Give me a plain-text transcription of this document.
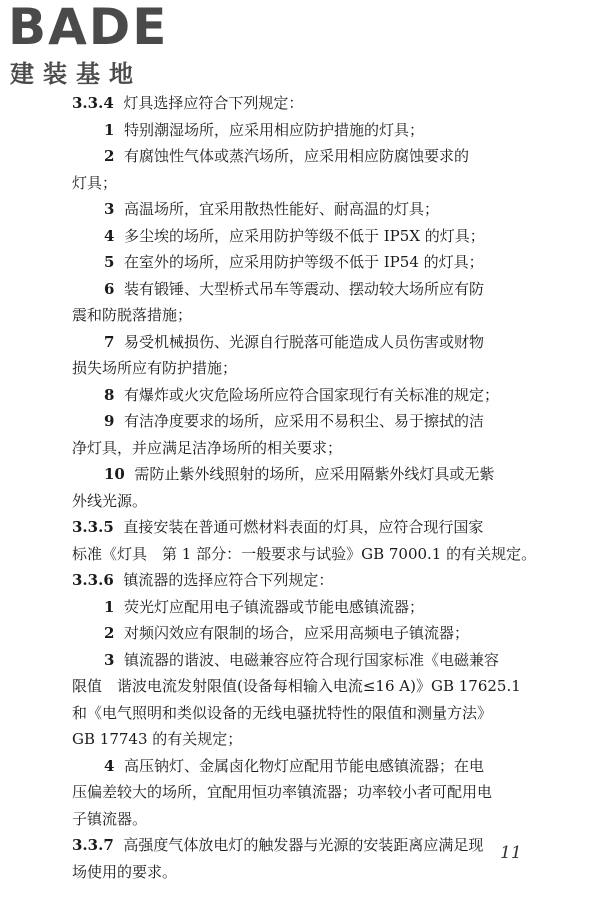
BADE
建装基地
3.3.4 灯具选择应符合下列规定：
1 特别潮湿场所，应采用相应防护措施的灯具；
2 有腐蚀性气体或蒸汽场所，应采用相应防腐蚀要求的
灯具；
3 高温场所，宜采用散热性能好、耐高温的灯具；
4 多尘埃的场所，应采用防护等级不低于 IP5X 的灯具；
5 在室外的场所，应采用防护等级不低于 IP54 的灯具；
6 装有锻锤、大型桥式吊车等震动、摆动较大场所应有防
震和防脱落措施；
7 易受机械损伤、光源自行脱落可能造成人员伤害或财物
损失场所应有防护措施；
8 有爆炸或火灾危险场所应符合国家现行有关标准的规定；
9 有洁净度要求的场所，应采用不易积尘、易于擦拭的洁
净灯具，并应满足洁净场所的相关要求；
10 需防止紫外线照射的场所，应采用隔紫外线灯具或无紫
外线光源。
3.3.5 直接安装在普通可燃材料表面的灯具，应符合现行国家
标准《灯具　第 1 部分：一般要求与试验》GB 7000.1 的有关规定。
3.3.6 镇流器的选择应符合下列规定：
1 荧光灯应配用电子镇流器或节能电感镇流器；
2 对频闪效应有限制的场合，应采用高频电子镇流器；
3 镇流器的谐波、电磁兼容应符合现行国家标准《电磁兼容
限值　谐波电流发射限值(设备每相输入电流≤16 A)》GB 17625.1
和《电气照明和类似设备的无线电骚扰特性的限值和测量方法》
GB 17743 的有关规定；
4 高压钠灯、金属卤化物灯应配用节能电感镇流器；在电
压偏差较大的场所，宜配用恒功率镇流器；功率较小者可配用电
子镇流器。
3.3.7 高强度气体放电灯的触发器与光源的安装距离应满足现
场使用的要求。
11
